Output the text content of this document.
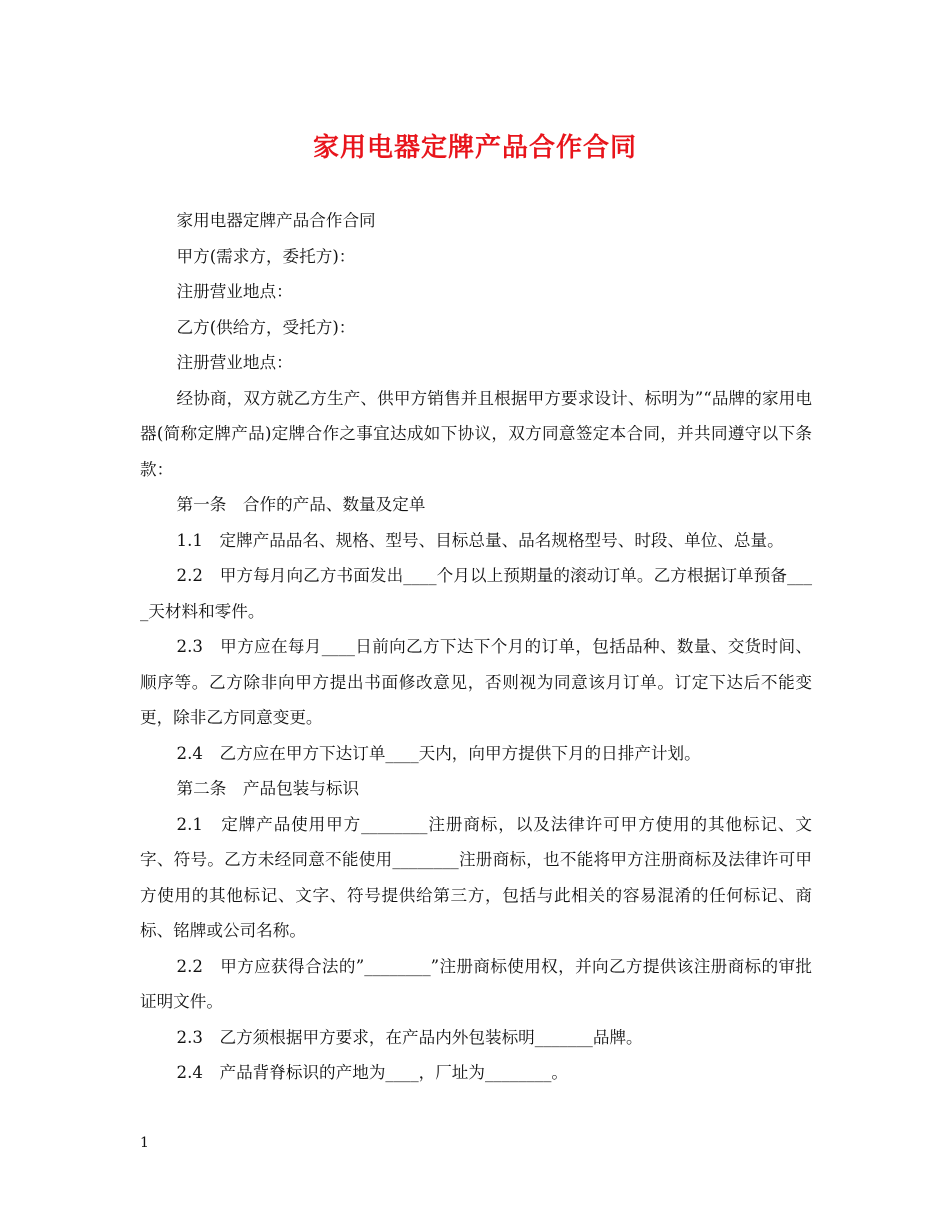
家用电器定牌产品合作合同

家用电器定牌产品合作合同

甲方(需求方，委托方)：

注册营业地点：

乙方(供给方，受托方)：

注册营业地点：

经协商，双方就乙方生产、供甲方销售并且根据甲方要求设计、标明为”“品牌的家用电器(简称定牌产品)定牌合作之事宜达成如下协议，双方同意签定本合同，并共同遵守以下条款：

第一条　合作的产品、数量及定单

1.1　定牌产品品名、规格、型号、目标总量、品名规格型号、时段、单位、总量。

2.2　甲方每月向乙方书面发出____个月以上预期量的滚动订单。乙方根据订单预备____天材料和零件。

2.3　甲方应在每月____日前向乙方下达下个月的订单，包括品种、数量、交货时间、顺序等。乙方除非向甲方提出书面修改意见，否则视为同意该月订单。订定下达后不能变更，除非乙方同意变更。

2.4　乙方应在甲方下达订单____天内，向甲方提供下月的日排产计划。

第二条　产品包装与标识

2.1　定牌产品使用甲方________注册商标，以及法律许可甲方使用的其他标记、文字、符号。乙方未经同意不能使用________注册商标，也不能将甲方注册商标及法律许可甲方使用的其他标记、文字、符号提供给第三方，包括与此相关的容易混淆的任何标记、商标、铭牌或公司名称。

2.2　甲方应获得合法的”________”注册商标使用权，并向乙方提供该注册商标的审批证明文件。

2.3　乙方须根据甲方要求，在产品内外包装标明_______品牌。

2.4　产品背脊标识的产地为____，厂址为________。

1
